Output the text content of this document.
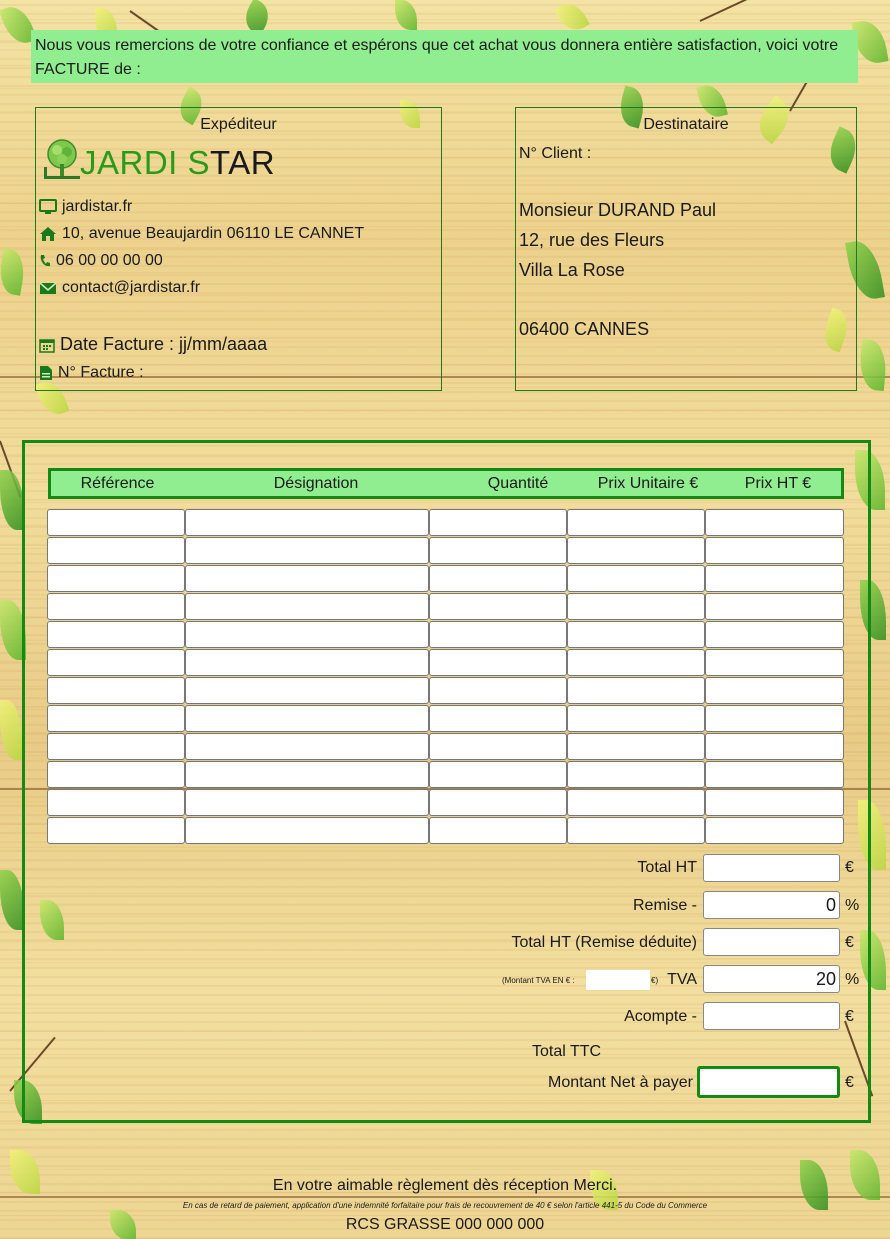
Nous vous remercions de votre confiance et espérons que cet achat vous donnera entière satisfaction, voici votre FACTURE de :
Expéditeur
JARDI STAR
jardistar.fr
10, avenue Beaujardin 06110 LE CANNET
06 00 00 00 00
contact@jardistar.fr
Date Facture : jj/mm/aaaa
N° Facture :
Destinataire
N° Client :
Monsieur DURAND Paul
12, rue des Fleurs
Villa La Rose
06400 CANNES
Référence	Désignation	Quantité	Prix Unitaire €	Prix HT €
Total HT	€
Remise -	0 %
Total HT (Remise déduite)	€
(Montant TVA EN € :	€) TVA	20 %
Acompte -	€
Total TTC
Montant Net à payer	€
En votre aimable règlement dès réception Merci.
En cas de retard de paiement, application d'une indemnité forfaitaire pour frais de recouvrement de 40 € selon l'article 441-5 du Code du Commerce
RCS GRASSE 000 000 000
